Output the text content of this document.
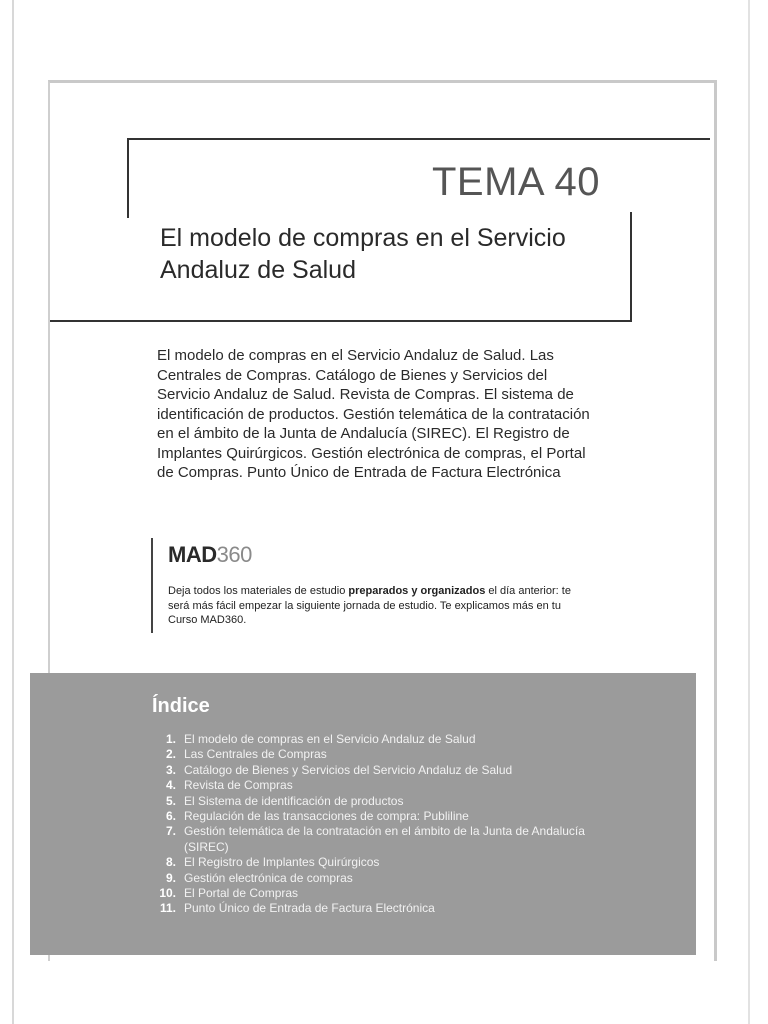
TEMA 40
El modelo de compras en el Servicio Andaluz de Salud
El modelo de compras en el Servicio Andaluz de Salud. Las Centrales de Compras. Catálogo de Bienes y Servicios del Servicio Andaluz de Salud. Revista de Compras. El sistema de identificación de productos. Gestión telemática de la contratación en el ámbito de la Junta de Andalucía (SIREC). El Registro de Implantes Quirúrgicos. Gestión electrónica de compras, el Portal de Compras. Punto Único de Entrada de Factura Electrónica
MAD360
Deja todos los materiales de estudio preparados y organizados el día anterior: te será más fácil empezar la siguiente jornada de estudio. Te explicamos más en tu Curso MAD360.
Índice
1. El modelo de compras en el Servicio Andaluz de Salud
2. Las Centrales de Compras
3. Catálogo de Bienes y Servicios del Servicio Andaluz de Salud
4. Revista de Compras
5. El Sistema de identificación de productos
6. Regulación de las transacciones de compra: Publiline
7. Gestión telemática de la contratación en el ámbito de la Junta de Andalucía (SIREC)
8. El Registro de Implantes Quirúrgicos
9. Gestión electrónica de compras
10. El Portal de Compras
11. Punto Único de Entrada de Factura Electrónica
